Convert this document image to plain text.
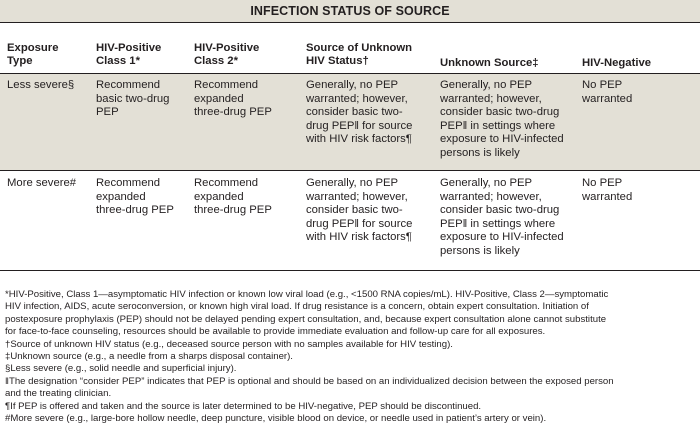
INFECTION STATUS OF SOURCE

Exposure

Type

HIV-Positive

Class 1*

HIV-Positive

Class 2*

Source of Unknown

HIV Status†	Unknown Source‡	HIV-Negative
Less severe§ Recommend

basic two-drug

PEP

Recommend

expanded

three-drug PEP

Generally, no PEP

warranted; however,

consider basic two-

drug PEP‖ for source

with HIV risk factors¶

Generally, no PEP

warranted; however,

consider basic two-drug

PEP‖ in settings where

exposure to HIV-infected

persons is likely

No PEP

warranted

More severe# Recommend

expanded

three-drug PEP

Recommend

expanded

three-drug PEP

Generally, no PEP

warranted; however,

consider basic two-

drug PEP‖ for source

with HIV risk factors¶

Generally, no PEP

warranted; however,

consider basic two-drug

PEP‖ in settings where

exposure to HIV-infected

persons is likely

No PEP

warranted

*HIV-Positive, Class 1—asymptomatic HIV infection or known low viral load (e.g., <1500 RNA copies/mL). HIV-Positive, Class 2—symptomatic

HIV infection, AIDS, acute seroconversion, or known high viral load. If drug resistance is a concern, obtain expert consultation. Initiation of

postexposure prophylaxis (PEP) should not be delayed pending expert consultation, and, because expert consultation alone cannot substitute

for face-to-face counseling, resources should be available to provide immediate evaluation and follow-up care for all exposures.

†Source of unknown HIV status (e.g., deceased source person with no samples available for HIV testing).

‡Unknown source (e.g., a needle from a sharps disposal container).

§Less severe (e.g., solid needle and superficial injury).

‖The designation “consider PEP” indicates that PEP is optional and should be based on an individualized decision between the exposed person

and the treating clinician.

¶If PEP is offered and taken and the source is later determined to be HIV-negative, PEP should be discontinued.

#More severe (e.g., large-bore hollow needle, deep puncture, visible blood on device, or needle used in patient’s artery or vein).
